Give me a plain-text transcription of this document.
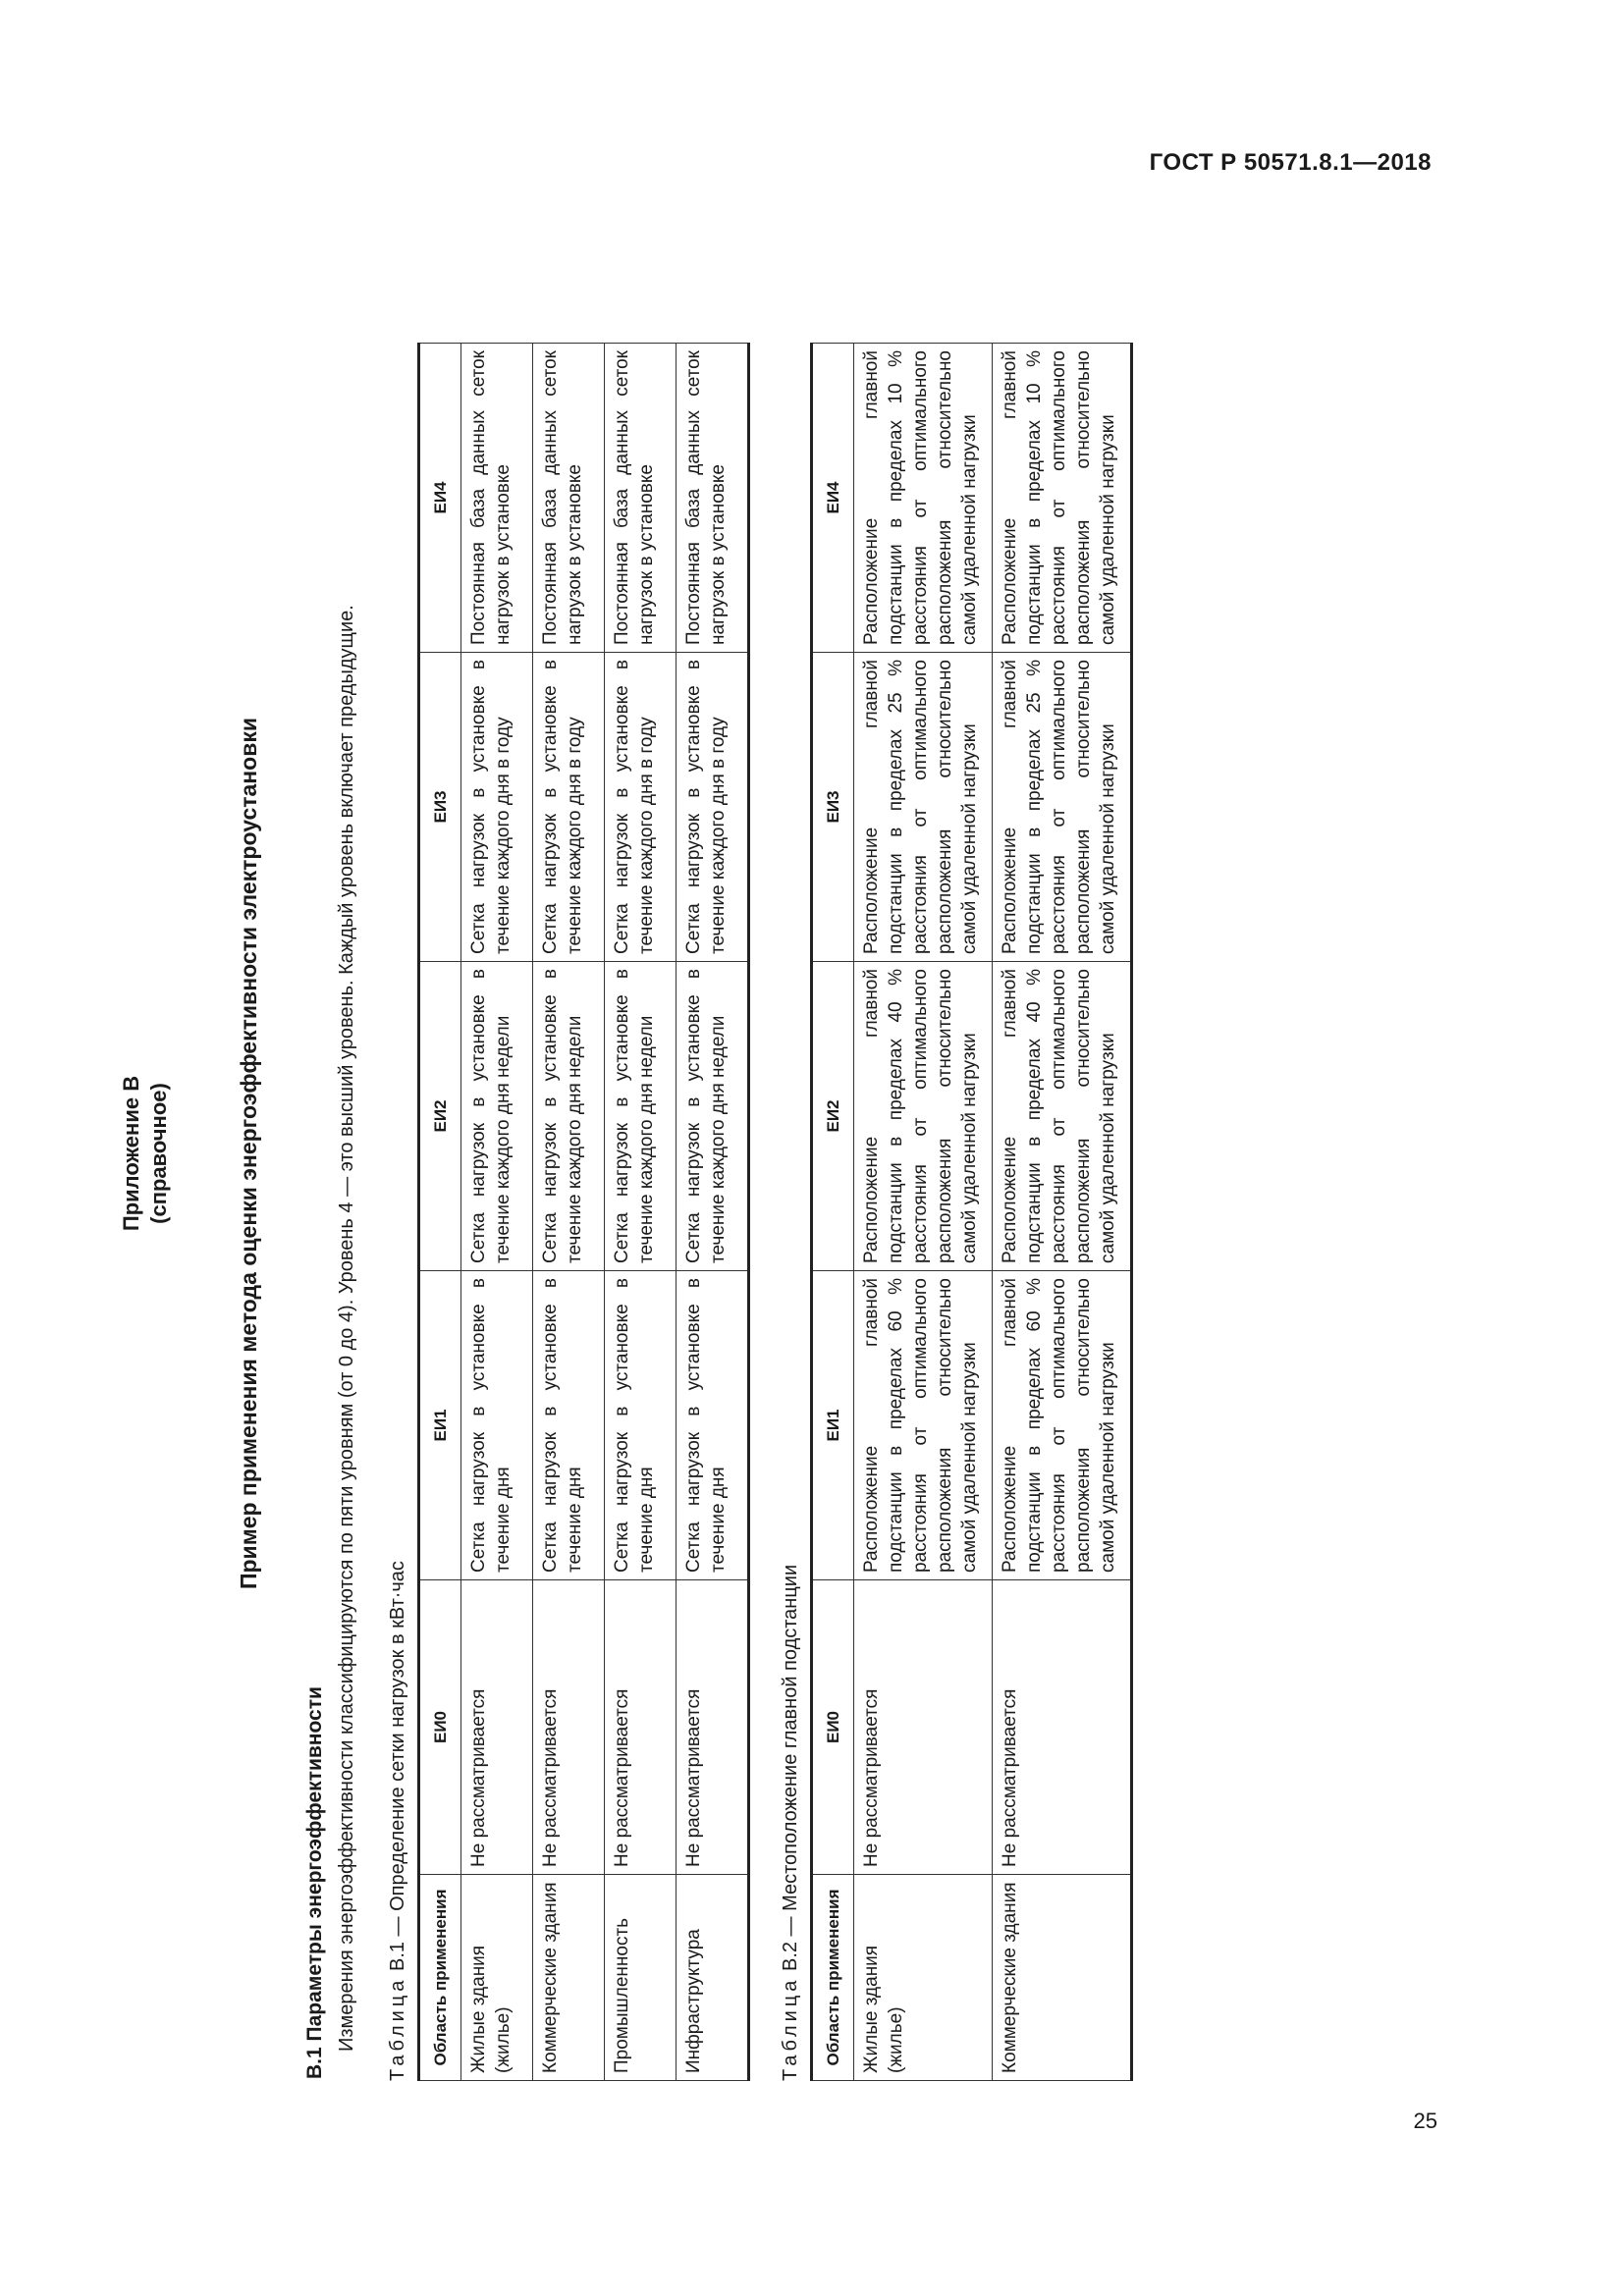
ГОСТ Р 50571.8.1—2018

Приложение В (справочное)	Пример применения метода оценки энергоэффективности электроустановки

В.1 Параметры энергоэффективности Измерения энергоэффективности классифицируются по пяти уровням (от 0 до 4). Уровень 4 — это высший уровень. Каждый уровень включает предыдущие. Таблица В.1 — Определение сетки нагрузок в кВт·час

Область применения	ЕИ0	ЕИ1	ЕИ2	ЕИ3	ЕИ4
Жилые здания (жилье)	Не рассматривается	Сетка нагрузок в установке в течение дня	Сетка нагрузок в установке в течение каждого дня недели	Сетка нагрузок в установке в течение каждого дня в году	Постоянная база данных сеток нагрузок в установке
Коммерческие здания	Не рассматривается	Сетка нагрузок в установке в течение дня	Сетка нагрузок в установке в течение каждого дня недели	Сетка нагрузок в установке в течение каждого дня в году	Постоянная база данных сеток нагрузок в установке
Промышленность	Не рассматривается	Сетка нагрузок в установке в течение дня	Сетка нагрузок в установке в течение каждого дня недели	Сетка нагрузок в установке в течение каждого дня в году	Постоянная база данных сеток нагрузок в установке
Инфраструктура	Не рассматривается	Сетка нагрузок в установке в течение дня	Сетка нагрузок в установке в течение каждого дня недели	Сетка нагрузок в установке в течение каждого дня в году	Постоянная база данных сеток нагрузок в установке

Таблица В.2 — Местоположение главной подстанции

Область применения	ЕИ0	ЕИ1	ЕИ2	ЕИ3	ЕИ4
Жилые здания (жилье)	Не рассматривается	Расположение главной подстанции в пределах 60 % расстояния от оптимального расположения относительно самой удаленной нагрузки	Расположение главной подстанции в пределах 40 % расстояния от оптимального расположения относительно самой удаленной нагрузки	Расположение главной подстанции в пределах 25 % расстояния от оптимального расположения относительно самой удаленной нагрузки	Расположение главной подстанции в пределах 10 % расстояния от оптимального расположения относительно самой удаленной нагрузки
Коммерческие здания	Не рассматривается	Расположение главной подстанции в пределах 60 % расстояния от оптимального расположения относительно самой удаленной нагрузки	Расположение главной подстанции в пределах 40 % расстояния от оптимального расположения относительно самой удаленной нагрузки	Расположение главной подстанции в пределах 25 % расстояния от оптимального расположения относительно самой удаленной нагрузки	Расположение главной подстанции в пределах 10 % расстояния от оптимального расположения относительно самой удаленной нагрузки
25
